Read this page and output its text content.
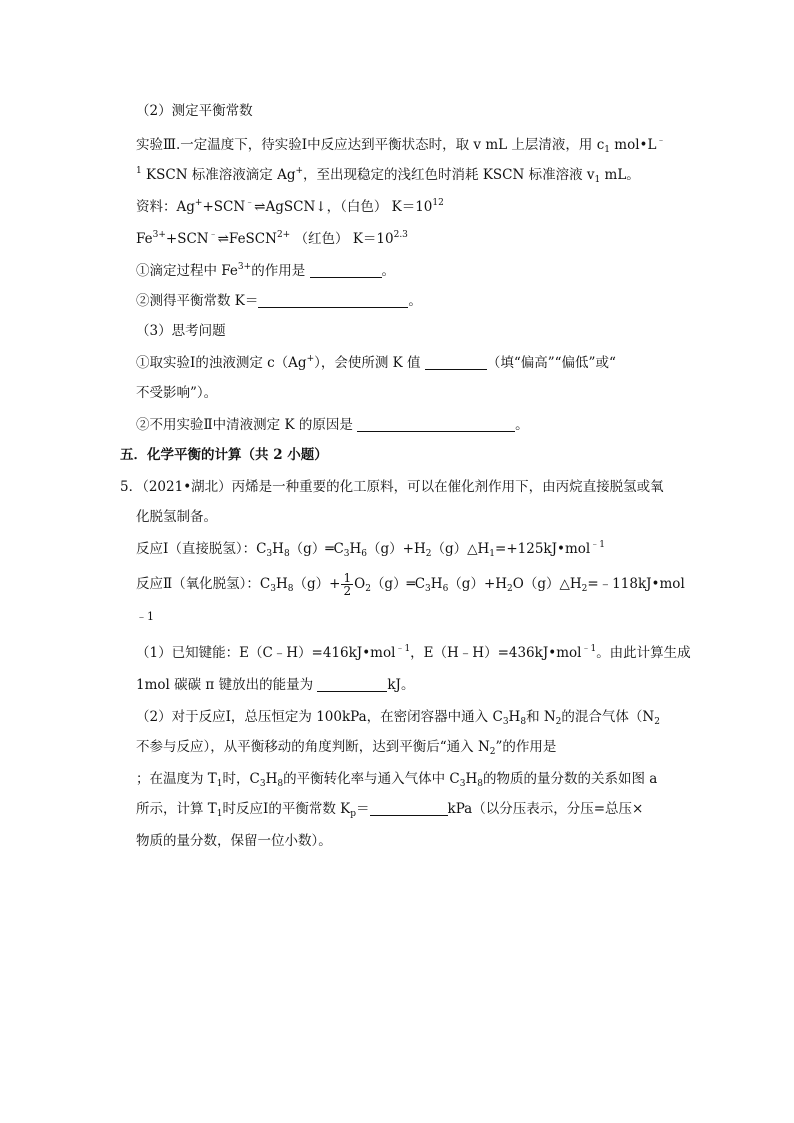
（2）测定平衡常数
实验Ⅲ.一定温度下，待实验Ⅰ中反应达到平衡状态时，取 v mL 上层清液，用 $c_1$ mol•L﹣
$^1$ KSCN 标准溶液滴定 Ag+，至出现稳定的浅红色时消耗 KSCN 标准溶液 $v_1$ mL。
资料：Ag++SCN﹣⇌AgSCN↓，（白色） $K=10^{12}$
$Fe^{3+}+SCN^﹣\rightleftharpoons FeSCN^{2+}$ （红色） $K=10^{2.3}$
①滴定过程中 $Fe^{3+}$的作用是	。
②测得平衡常数 K＝	。
（3）思考问题
①取实验Ⅰ的浊液测定 c（Ag+），会使所测 K 值	（填“偏高”“偏低”或“
不受影响”）。
②不用实验Ⅱ中清液测定 K 的原因是	。
五．化学平衡的计算（共 2 小题）
5．（2021•湖北）丙烯是一种重要的化工原料，可以在催化剂作用下，由丙烷直接脱氢或氧
化脱氢制备。
反应Ⅰ（直接脱氢）：$C_3H_8(g)═C_3H_6(g)+H_2(g)\triangle H_1=+125kJ•mol^{﹣1}$
反应Ⅱ（氧化脱氢）：$C_3H_8(g)+ \frac{1}{2}$ $O_2(g)═C_3H_6(g)+H_2O(g)\triangle H_2=﹣118kJ•mol$
﹣1
（1）已知键能：E（C﹣H）=416kJ•mol$^{﹣1}$，E（H﹣H）=436kJ•mol$^{﹣1}$。由此计算生成
1mol 碳碳 π 键放出的能量为	kJ。
（2）对于反应Ⅰ，总压恒定为 100kPa，在密闭容器中通入 $C_3H_8$和 $N_2$的混合气体（$N_2$
不参与反应），从平衡移动的角度判断，达到平衡后“通入 $N_2$”的作用是
；在温度为 $T_1$时，$C_3H_8$的平衡转化率与通入气体中 $C_3H_8$的物质的量分数的关系如图 a
所示，计算 $T_1$时反应Ⅰ的平衡常数 $K_p=$	kPa（以分压表示，分压=总压×
物质的量分数，保留一位小数）。
